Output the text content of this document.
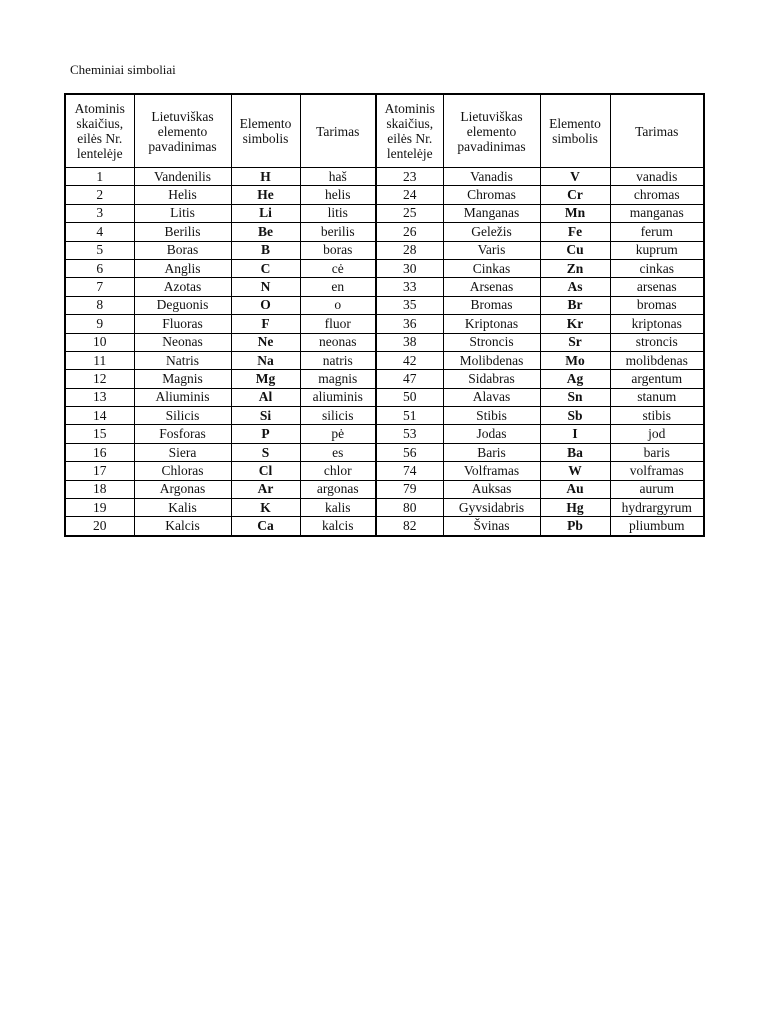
Cheminiai simboliai
Atominis skaičius, eilės Nr. lentelėje	Lietuviškas elemento pavadinimas	Elemento simbolis	Tarimas	Atominis skaičius, eilės Nr. lentelėje	Lietuviškas elemento pavadinimas	Elemento simbolis	Tarimas
1	Vandenilis	H	haš	23	Vanadis	V	vanadis
2	Helis	He	helis	24	Chromas	Cr	chromas
3	Litis	Li	litis	25	Manganas	Mn	manganas
4	Berilis	Be	berilis	26	Geležis	Fe	ferum
5	Boras	B	boras	28	Varis	Cu	kuprum
6	Anglis	C	cė	30	Cinkas	Zn	cinkas
7	Azotas	N	en	33	Arsenas	As	arsenas
8	Deguonis	O	o	35	Bromas	Br	bromas
9	Fluoras	F	fluor	36	Kriptonas	Kr	kriptonas
10	Neonas	Ne	neonas	38	Stroncis	Sr	stroncis
11	Natris	Na	natris	42	Molibdenas	Mo	molibdenas
12	Magnis	Mg	magnis	47	Sidabras	Ag	argentum
13	Aliuminis	Al	aliuminis	50	Alavas	Sn	stanum
14	Silicis	Si	silicis	51	Stibis	Sb	stibis
15	Fosforas	P	pė	53	Jodas	I	jod
16	Siera	S	es	56	Baris	Ba	baris
17	Chloras	Cl	chlor	74	Volframas	W	volframas
18	Argonas	Ar	argonas	79	Auksas	Au	aurum
19	Kalis	K	kalis	80	Gyvsidabris	Hg	hydrargyrum
20	Kalcis	Ca	kalcis	82	Švinas	Pb	pliumbum
